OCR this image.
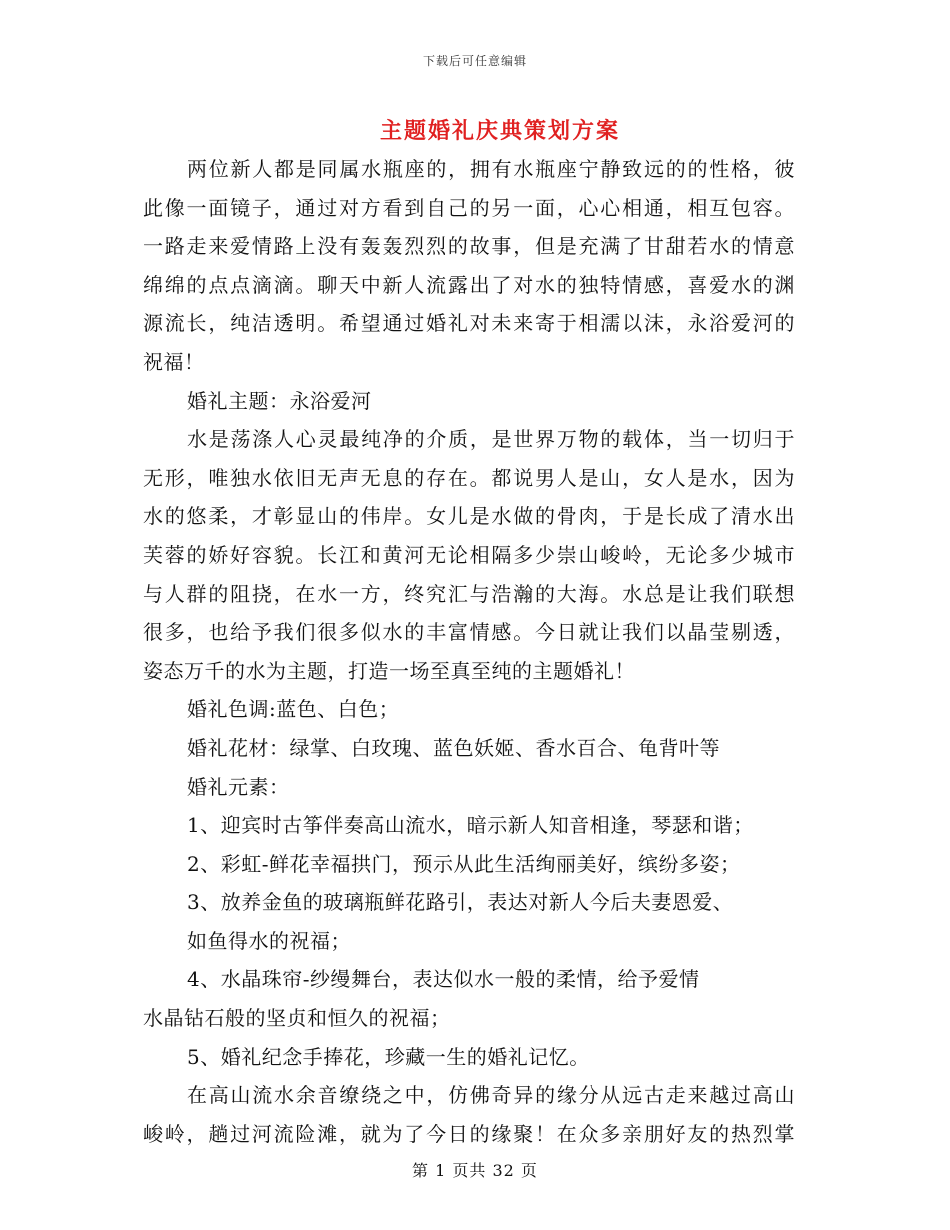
下载后可任意编辑
主题婚礼庆典策划方案
两位新人都是同属水瓶座的，拥有水瓶座宁静致远的的性格，彼
此像一面镜子，通过对方看到自己的另一面，心心相通，相互包容。
一路走来爱情路上没有轰轰烈烈的故事，但是充满了甘甜若水的情意
绵绵的点点滴滴。聊天中新人流露出了对水的独特情感，喜爱水的渊
源流长，纯洁透明。希望通过婚礼对未来寄于相濡以沫，永浴爱河的
祝福！
婚礼主题：永浴爱河
水是荡涤人心灵最纯净的介质，是世界万物的载体，当一切归于
无形，唯独水依旧无声无息的存在。都说男人是山，女人是水，因为
水的悠柔，才彰显山的伟岸。女儿是水做的骨肉，于是长成了清水出
芙蓉的娇好容貌。长江和黄河无论相隔多少崇山峻岭，无论多少城市
与人群的阻挠，在水一方，终究汇与浩瀚的大海。水总是让我们联想
很多，也给予我们很多似水的丰富情感。今日就让我们以晶莹剔透，
姿态万千的水为主题，打造一场至真至纯的主题婚礼！
婚礼色调:蓝色、白色；
婚礼花材：绿掌、白玫瑰、蓝色妖姬、香水百合、龟背叶等
婚礼元素：
1、迎宾时古筝伴奏高山流水，暗示新人知音相逢，琴瑟和谐；
2、彩虹-鲜花幸福拱门，预示从此生活绚丽美好，缤纷多姿；
3、放养金鱼的玻璃瓶鲜花路引，表达对新人今后夫妻恩爱、
如鱼得水的祝福；
4、水晶珠帘-纱缦舞台，表达似水一般的柔情，给予爱情
水晶钻石般的坚贞和恒久的祝福；
5、婚礼纪念手捧花，珍藏一生的婚礼记忆。
在高山流水余音缭绕之中，仿佛奇异的缘分从远古走来越过高山
峻岭，趟过河流险滩，就为了今日的缘聚！在众多亲朋好友的热烈掌
第 1 页共 32 页
